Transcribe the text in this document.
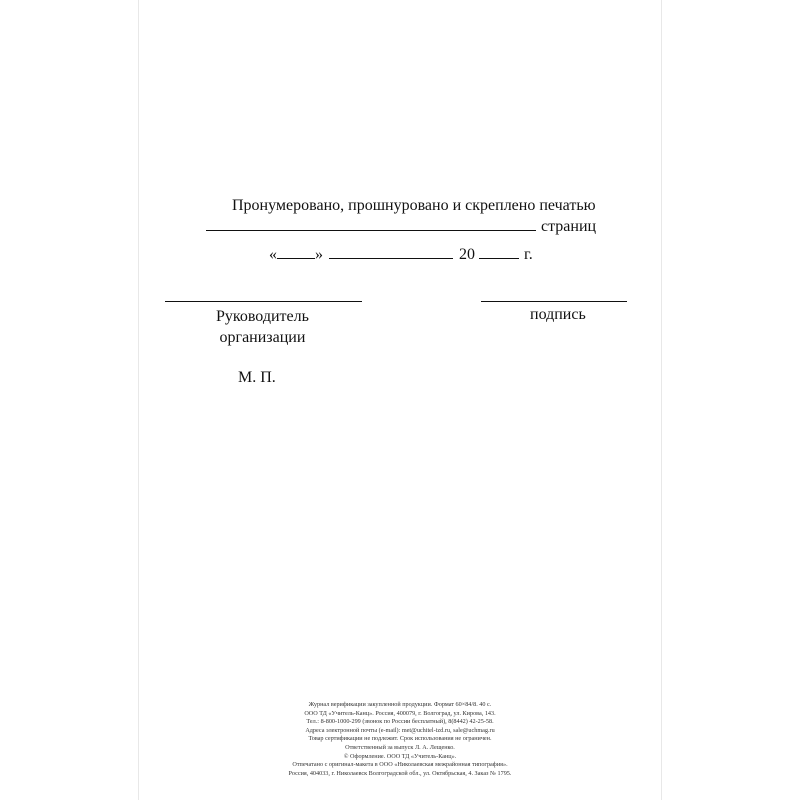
Пронумеровано, прошнуровано и скреплено печатью
страниц
« »	20	г.
Руководитель
организации
подпись
М. П.
Журнал верификации закупленной продукции. Формат 60×84/8. 40 с.
ООО ТД «Учитель-Канц». Россия, 400079, г. Волгоград, ул. Кирова, 143.
Тел.: 8-800-1000-299 (звонок по России бесплатный), 8(8442) 42-25-58.
Адреса электронной почты (e-mail): met@uchitel-izd.ru, sale@uchmag.ru
Товар сертификации не подлежит. Срок использования не ограничен.
Ответственный за выпуск Л. А. Лещенко.
© Оформление. ООО ТД «Учитель-Канц».
Отпечатано с оригинал-макета в ООО «Николаевская межрайонная типография».
Россия, 404033, г. Николаевск Волгоградской обл., ул. Октябрьская, 4. Заказ № 1795.
